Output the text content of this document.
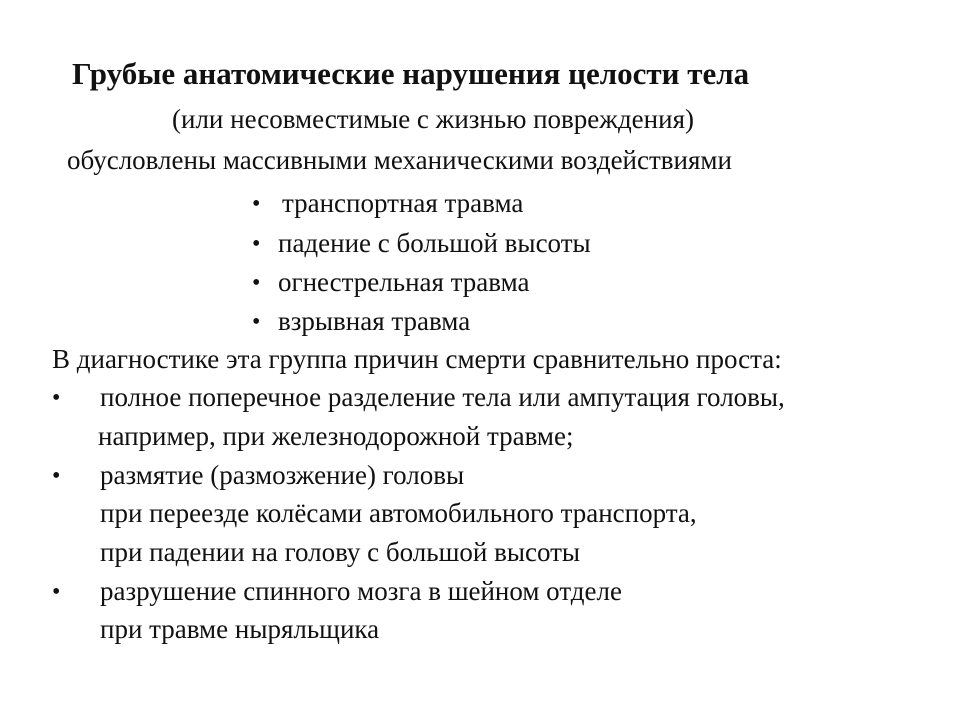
Грубые анатомические нарушения целости тела
(или несовместимые с жизнью повреждения)
обусловлены массивными механическими воздействиями
• транспортная травма
• падение с большой высоты
• огнестрельная травма
• взрывная травма
В диагностике эта группа причин смерти сравнительно проста:
• полное поперечное разделение тела или ампутация головы,
например, при железнодорожной травме;
• размятие (размозжение) головы
при переезде колёсами автомобильного транспорта,
при падении на голову с большой высоты
• разрушение спинного мозга в шейном отделе
при травме ныряльщика
